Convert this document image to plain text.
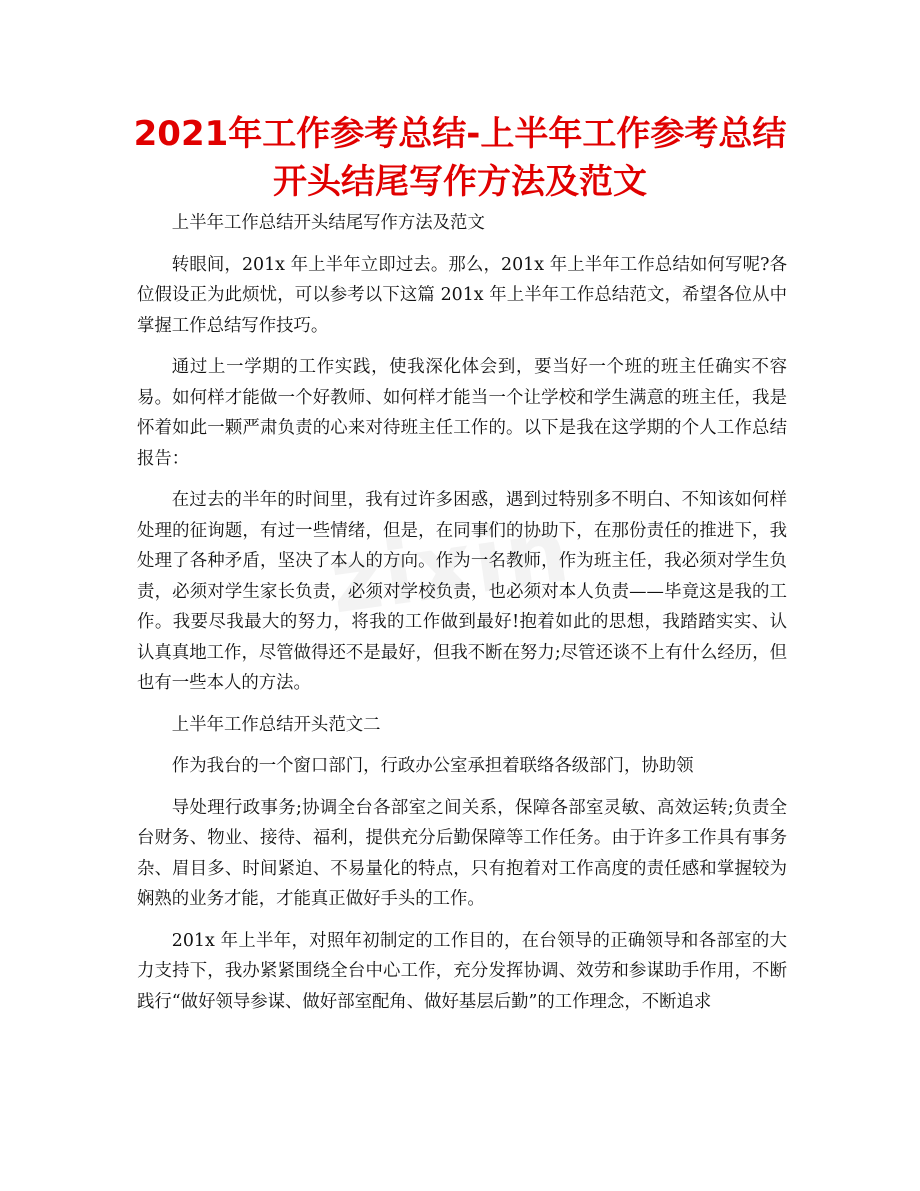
2021年工作参考总结-上半年工作参考总结开头结尾写作方法及范文

上半年工作总结开头结尾写作方法及范文

转眼间，201x 年上半年立即过去。那么，201x 年上半年工作总结如何写呢?各位假设正为此烦忧，可以参考以下这篇 201x 年上半年工作总结范文，希望各位从中掌握工作总结写作技巧。

通过上一学期的工作实践，使我深化体会到，要当好一个班的班主任确实不容易。如何样才能做一个好教师、如何样才能当一个让学校和学生满意的班主任，我是怀着如此一颗严肃负责的心来对待班主任工作的。以下是我在这学期的个人工作总结报告：

在过去的半年的时间里，我有过许多困惑，遇到过特别多不明白、不知该如何样处理的征询题，有过一些情绪，但是，在同事们的协助下，在那份责任的推进下，我处理了各种矛盾，坚决了本人的方向。作为一名教师，作为班主任，我必须对学生负责，必须对学生家长负责，必须对学校负责，也必须对本人负责——毕竟这是我的工作。我要尽我最大的努力，将我的工作做到最好!抱着如此的思想，我踏踏实实、认认真真地工作，尽管做得还不是最好，但我不断在努力;尽管还谈不上有什么经历，但也有一些本人的方法。

上半年工作总结开头范文二

作为我台的一个窗口部门，行政办公室承担着联络各级部门，协助领

导处理行政事务;协调全台各部室之间关系，保障各部室灵敏、高效运转;负责全台财务、物业、接待、福利，提供充分后勤保障等工作任务。由于许多工作具有事务杂、眉目多、时间紧迫、不易量化的特点，只有抱着对工作高度的责任感和掌握较为娴熟的业务才能，才能真正做好手头的工作。

201x 年上半年，对照年初制定的工作目的，在台领导的正确领导和各部室的大力支持下，我办紧紧围绕全台中心工作，充分发挥协调、效劳和参谋助手作用，不断践行“做好领导参谋、做好部室配角、做好基层后勤”的工作理念，不断追求
